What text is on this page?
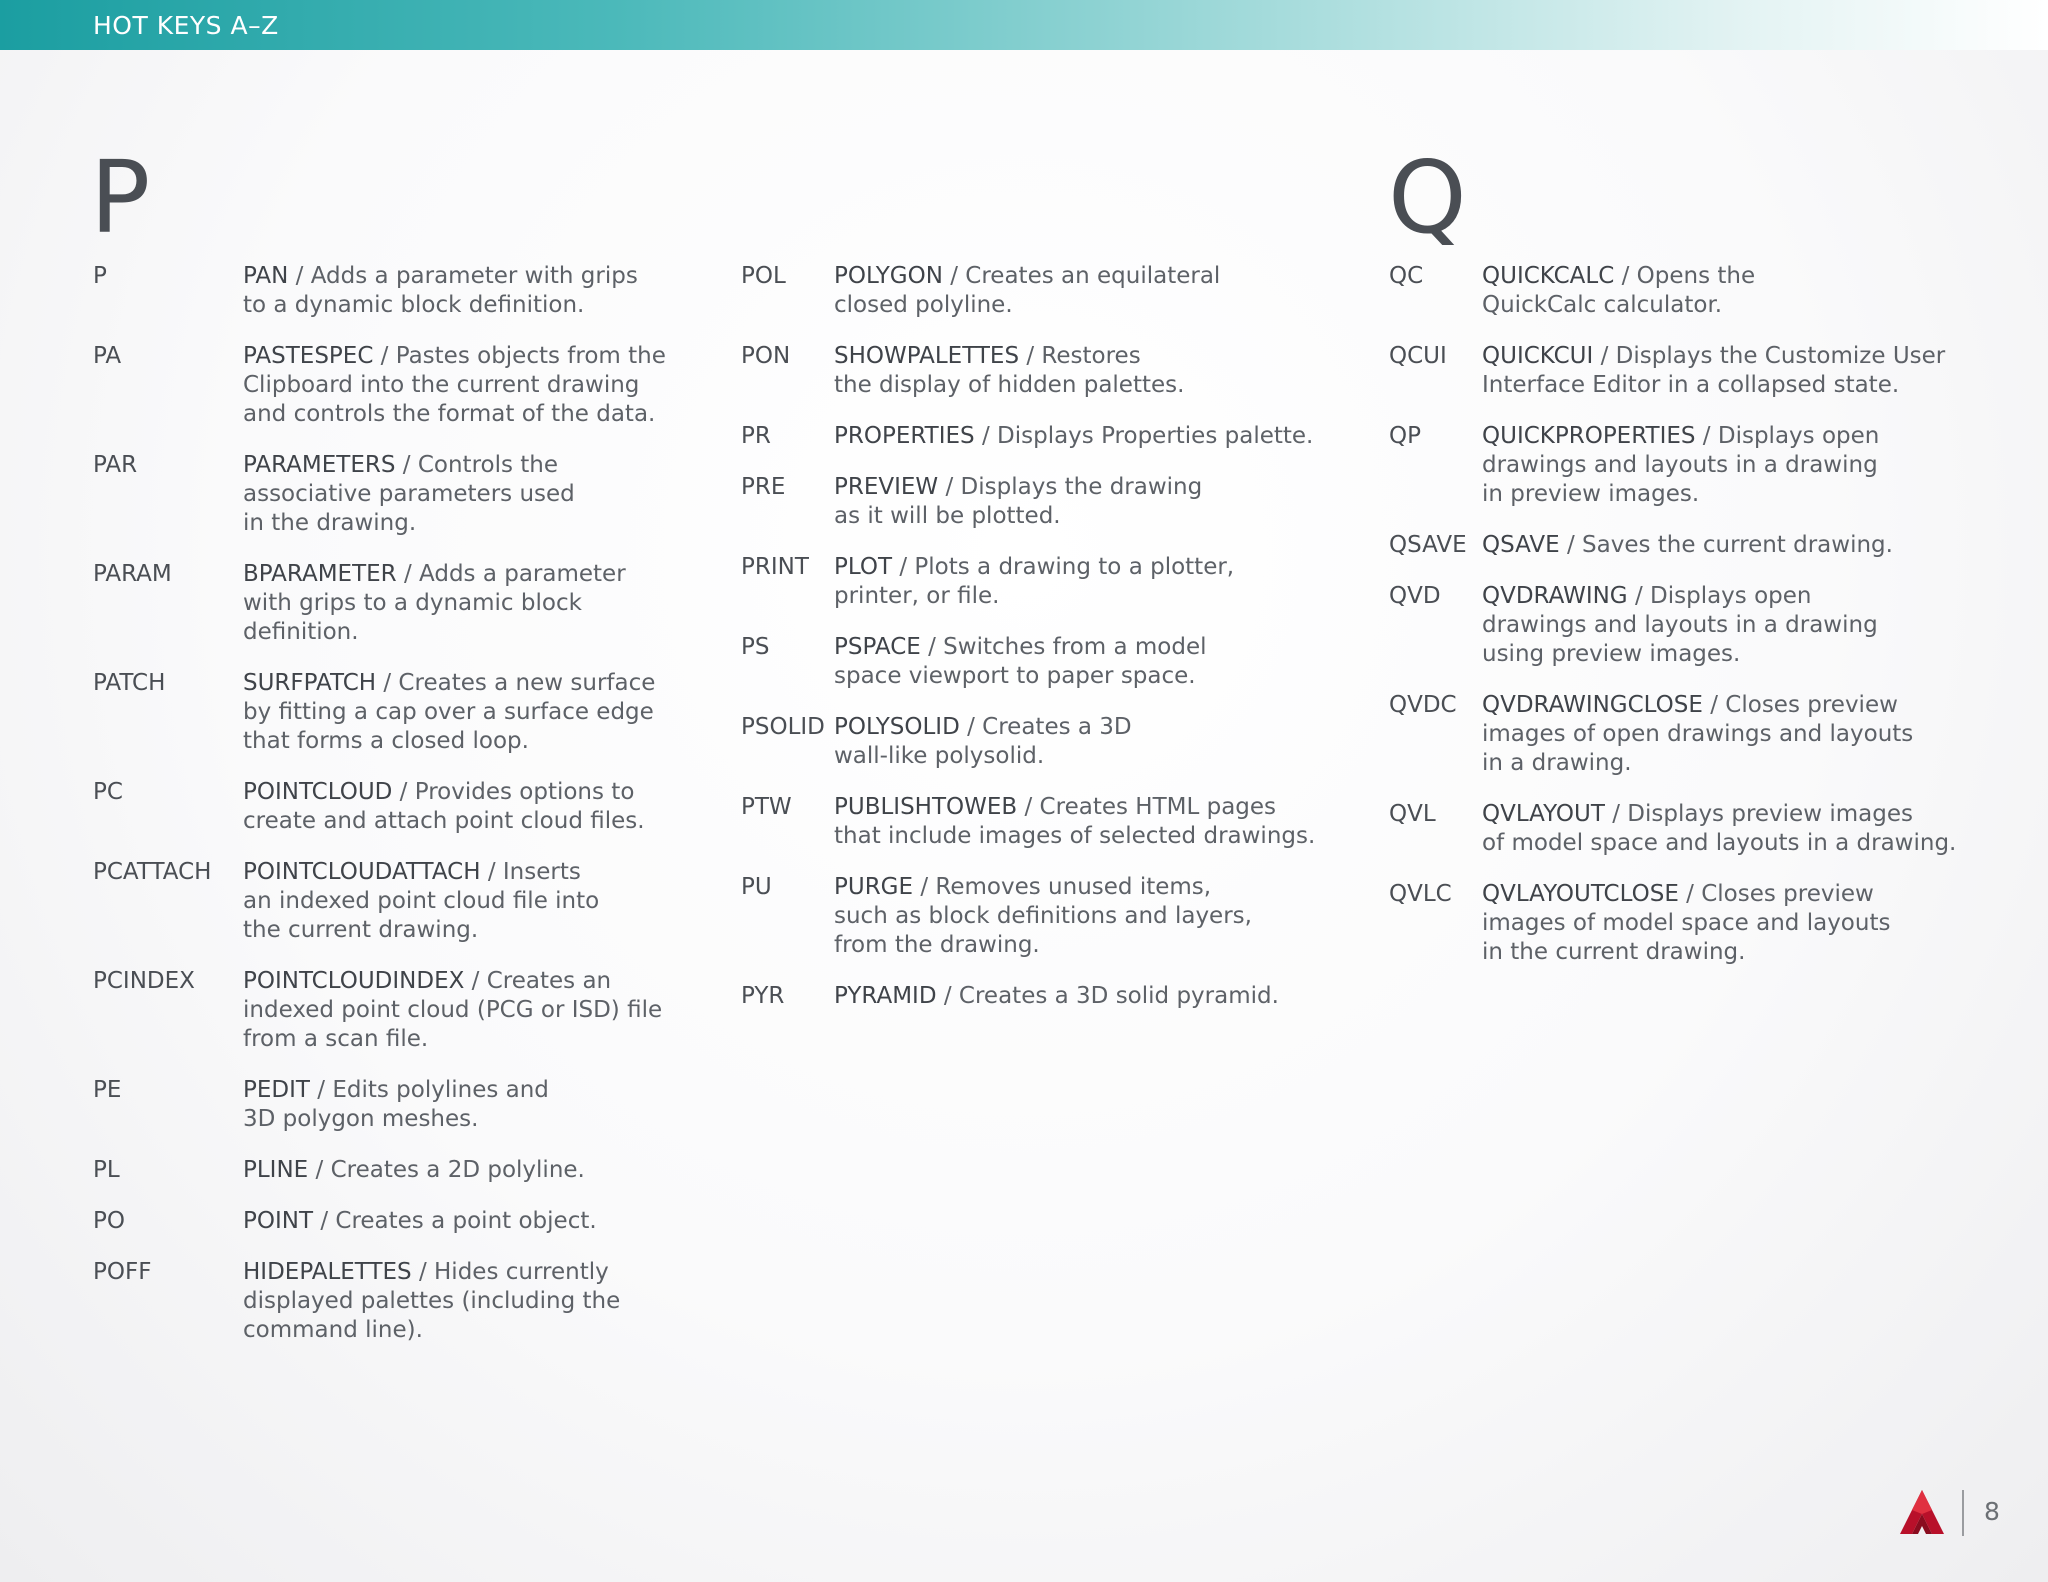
HOT KEYS A–Z
P	Q
P	PAN / Adds a parameter with grips
to a dynamic block definition.
PA	PASTESPEC / Pastes objects from the
Clipboard into the current drawing
and controls the format of the data.
PAR	PARAMETERS / Controls the
associative parameters used
in the drawing.
PARAM	BPARAMETER / Adds a parameter
with grips to a dynamic block
definition.
PATCH	SURFPATCH / Creates a new surface
by fitting a cap over a surface edge
that forms a closed loop.
PC	POINTCLOUD / Provides options to
create and attach point cloud files.
PCATTACH POINTCLOUDATTACH / Inserts
an indexed point cloud file into
the current drawing.
PCINDEX POINTCLOUDINDEX / Creates an
indexed point cloud (PCG or ISD) file
from a scan file.
PE	PEDIT / Edits polylines and
3D polygon meshes.
PL	PLINE / Creates a 2D polyline.
PO	POINT / Creates a point object.
POFF	HIDEPALETTES / Hides currently
displayed palettes (including the
command line).
POL POLYGON / Creates an equilateral
closed polyline.
PON SHOWPALETTES / Restores
the display of hidden palettes.
PR	PROPERTIES / Displays Properties palette.
PRE PREVIEW / Displays the drawing
as it will be plotted.
PRINT PLOT / Plots a drawing to a plotter,
printer, or file.
PS	PSPACE / Switches from a model
space viewport to paper space.
PSOLID POLYSOLID / Creates a 3D
wall-like polysolid.
PTW PUBLISHTOWEB / Creates HTML pages
that include images of selected drawings.
PU	PURGE / Removes unused items,
such as block definitions and layers,
from the drawing.
PYR PYRAMID / Creates a 3D solid pyramid.
QC	QUICKCALC / Opens the
QuickCalc calculator.
QCUI QUICKCUI / Displays the Customize User
Interface Editor in a collapsed state.
QP	QUICKPROPERTIES / Displays open
drawings and layouts in a drawing
in preview images.
QSAVE QSAVE / Saves the current drawing.
QVD QVDRAWING / Displays open
drawings and layouts in a drawing
using preview images.
QVDC QVDRAWINGCLOSE / Closes preview
images of open drawings and layouts
in a drawing.
QVL QVLAYOUT / Displays preview images
of model space and layouts in a drawing.
QVLC QVLAYOUTCLOSE / Closes preview
images of model space and layouts
in the current drawing.
8
